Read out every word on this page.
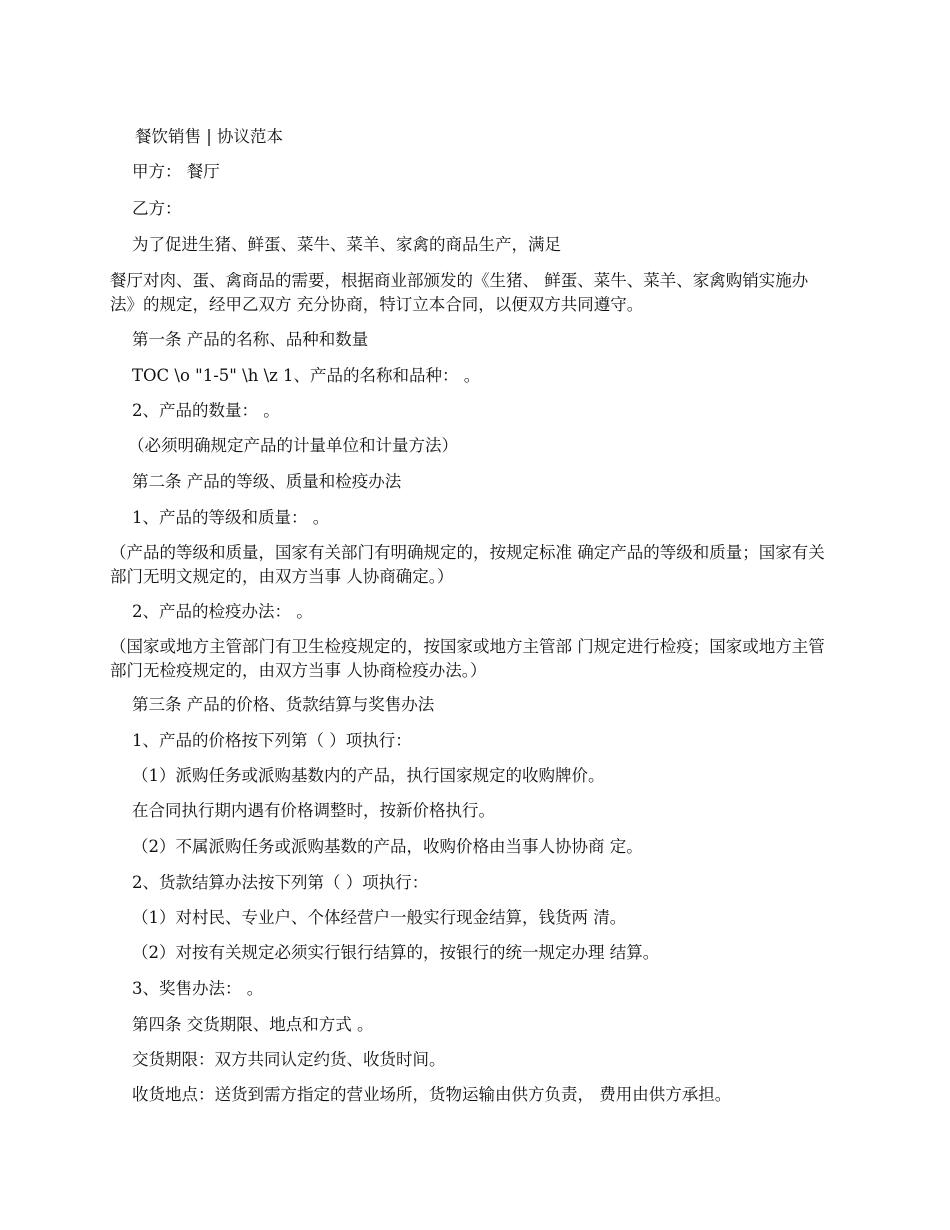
餐饮销售 | 协议范本

甲方： 餐厅

乙方：

为了促进生猪、鲜蛋、菜牛、菜羊、家禽的商品生产，满足

餐厅对肉、蛋、禽商品的需要，根据商业部颁发的《生猪、 鲜蛋、菜牛、菜羊、家禽购销实施办法》的规定，经甲乙双方 充分协商，特订立本合同，以便双方共同遵守。

第一条 产品的名称、品种和数量

TOC \o "1-5" \h \z 1、产品的名称和品种： 。

2、产品的数量： 。

（必须明确规定产品的计量单位和计量方法）

第二条 产品的等级、质量和检疫办法

1、产品的等级和质量： 。

（产品的等级和质量，国家有关部门有明确规定的，按规定标准 确定产品的等级和质量；国家有关部门无明文规定的，由双方当事 人协商确定。）

2、产品的检疫办法： 。

（国家或地方主管部门有卫生检疫规定的，按国家或地方主管部 门规定进行检疫；国家或地方主管部门无检疫规定的，由双方当事 人协商检疫办法。）

第三条 产品的价格、货款结算与奖售办法

1、产品的价格按下列第（ ）项执行：

（1）派购任务或派购基数内的产品，执行国家规定的收购牌价。

在合同执行期内遇有价格调整时，按新价格执行。

（2）不属派购任务或派购基数的产品，收购价格由当事人协协商 定。

2、货款结算办法按下列第（ ）项执行：

（1）对村民、专业户、个体经营户一般实行现金结算，钱货两 清。

（2）对按有关规定必须实行银行结算的，按银行的统一规定办理 结算。

3、奖售办法： 。

第四条 交货期限、地点和方式 。

交货期限：双方共同认定约货、收货时间。

收货地点：送货到需方指定的营业场所，货物运输由供方负责， 费用由供方承担。
